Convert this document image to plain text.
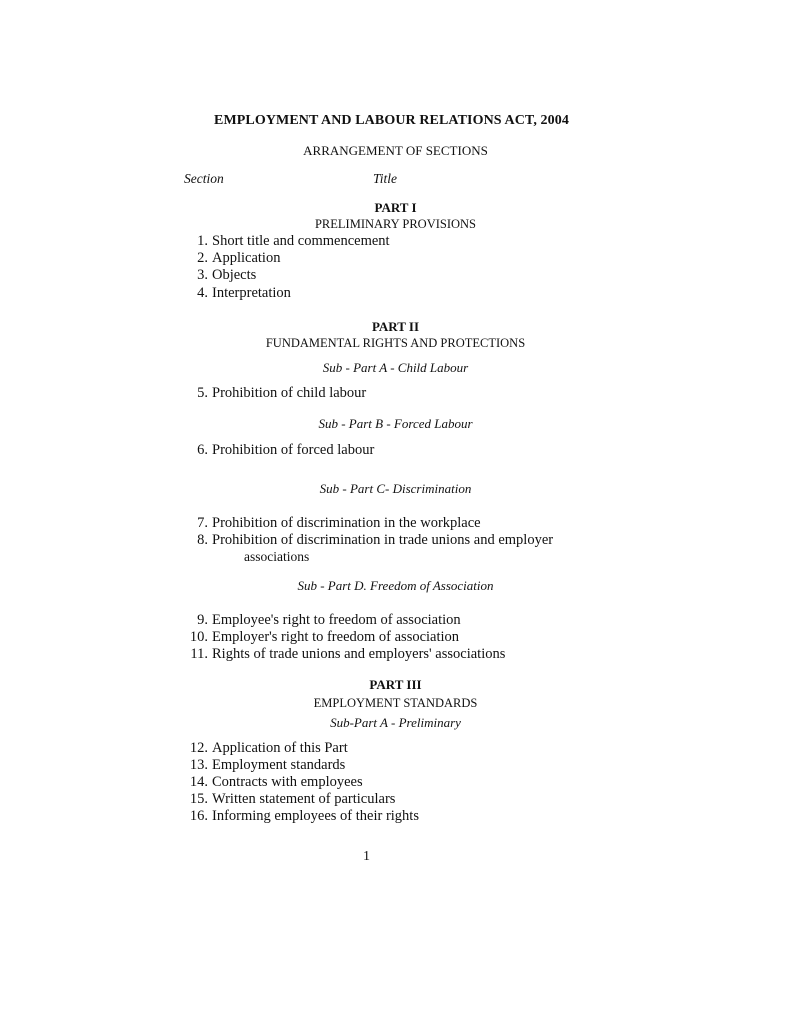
EMPLOYMENT AND LABOUR RELATIONS ACT, 2004
ARRANGEMENT OF SECTIONS
Section	Title
PART I
PRELIMINARY PROVISIONS
1. Short title and commencement
2. Application
3. Objects
4. Interpretation
PART II
FUNDAMENTAL RIGHTS AND PROTECTIONS
Sub - Part A - Child Labour
5. Prohibition of child labour
Sub - Part B - Forced Labour
6. Prohibition of forced labour
Sub - Part C- Discrimination
7. Prohibition of discrimination in the workplace
8. Prohibition of discrimination in trade unions and employer
associations
Sub - Part D. Freedom of Association
9. Employee's right to freedom of association
10. Employer's right to freedom of association
11. Rights of trade unions and employers' associations
PART III
EMPLOYMENT STANDARDS
Sub-Part A - Preliminary
12. Application of this Part
13. Employment standards
14. Contracts with employees
15. Written statement of particulars
16. Informing employees of their rights
1
